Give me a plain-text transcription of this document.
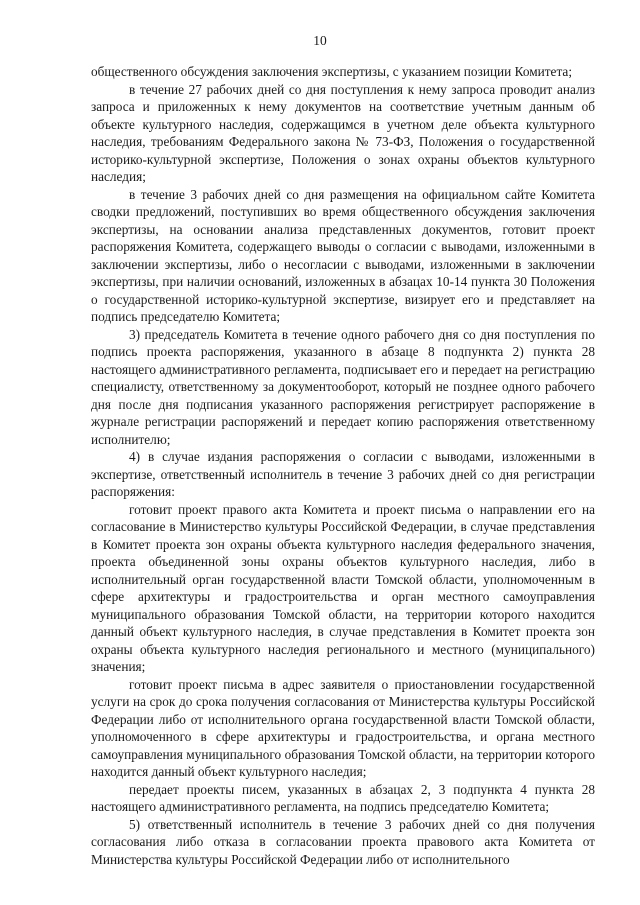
10

общественного обсуждения заключения экспертизы, с указанием позиции Комитета;

в течение 27 рабочих дней со дня поступления к нему запроса проводит анализ запроса и приложенных к нему документов на соответствие учетным данным об объекте культурного наследия, содержащимся в учетном деле объекта культурного наследия, требованиям Федерального закона № 73-ФЗ, Положения о государственной историко-культурной экспертизе, Положения о зонах охраны объектов культурного наследия;

в течение 3 рабочих дней со дня размещения на официальном сайте Комитета сводки предложений, поступивших во время общественного обсуждения заключения экспертизы, на основании анализа представленных документов, готовит проект распоряжения Комитета, содержащего выводы о согласии с выводами, изложенными в заключении экспертизы, либо о несогласии с выводами, изложенными в заключении экспертизы, при наличии оснований, изложенных в абзацах 10-14 пункта 30 Положения о государственной историко-культурной экспертизе, визирует его и представляет на подпись председателю Комитета;

3) председатель Комитета в течение одного рабочего дня со дня поступления по подпись проекта распоряжения, указанного в абзаце 8 подпункта 2) пункта 28 настоящего административного регламента, подписывает его и передает на регистрацию специалисту, ответственному за документооборот, который не позднее одного рабочего дня после дня подписания указанного распоряжения регистрирует распоряжение в журнале регистрации распоряжений и передает копию распоряжения ответственному исполнителю;

4) в случае издания распоряжения о согласии с выводами, изложенными в экспертизе, ответственный исполнитель в течение 3 рабочих дней со дня регистрации распоряжения:

готовит проект правого акта Комитета и проект письма о направлении его на согласование в Министерство культуры Российской Федерации, в случае представления в Комитет проекта зон охраны объекта культурного наследия федерального значения, проекта объединенной зоны охраны объектов культурного наследия, либо в исполнительный орган государственной власти Томской области, уполномоченным в сфере архитектуры и градостроительства и орган местного самоуправления муниципального образования Томской области, на территории которого находится данный объект культурного наследия, в случае представления в Комитет проекта зон охраны объекта культурного наследия регионального и местного (муниципального) значения;

готовит проект письма в адрес заявителя о приостановлении государственной услуги на срок до срока получения согласования от Министерства культуры Российской Федерации либо от исполнительного органа государственной власти Томской области, уполномоченного в сфере архитектуры и градостроительства, и органа местного самоуправления муниципального образования Томской области, на территории которого находится данный объект культурного наследия;

передает проекты писем, указанных в абзацах 2, 3 подпункта 4 пункта 28 настоящего административного регламента, на подпись председателю Комитета;

5) ответственный исполнитель в течение 3 рабочих дней со дня получения согласования либо отказа в согласовании проекта правового акта Комитета от Министерства культуры Российской Федерации либо от исполнительного
